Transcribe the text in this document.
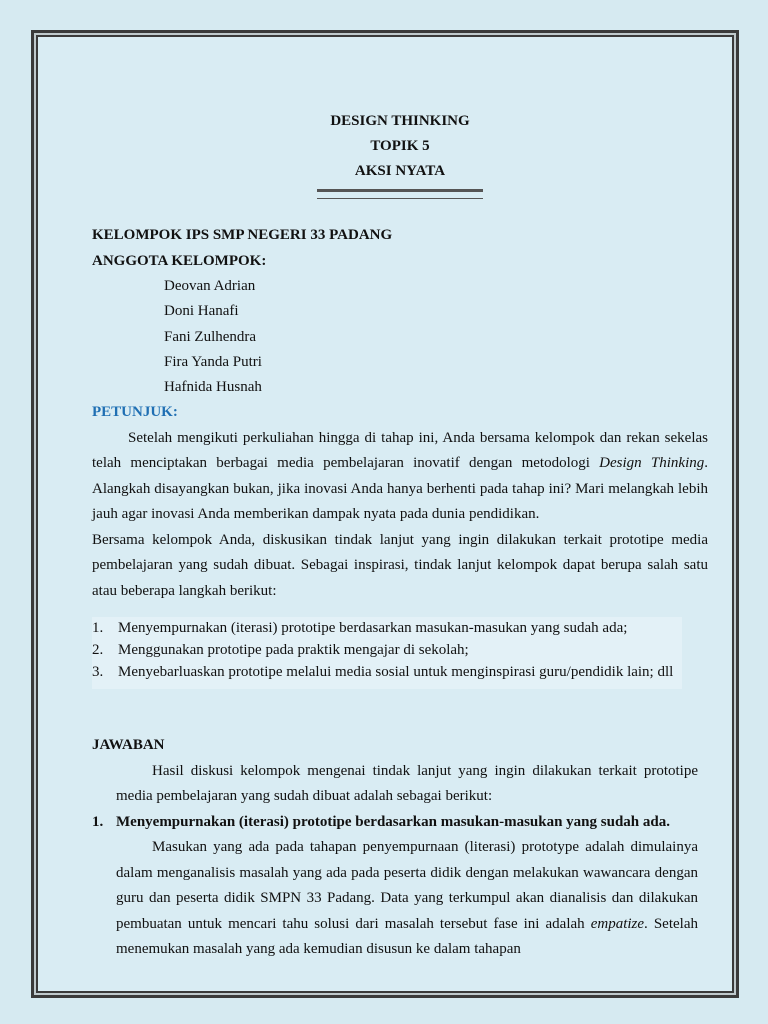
DESIGN THINKING
TOPIK 5
AKSI NYATA
KELOMPOK IPS SMP NEGERI 33 PADANG
ANGGOTA KELOMPOK:
Deovan Adrian
Doni Hanafi
Fani Zulhendra
Fira Yanda Putri
Hafnida Husnah
PETUNJUK:
Setelah mengikuti perkuliahan hingga di tahap ini, Anda bersama kelompok dan rekan sekelas telah menciptakan berbagai media pembelajaran inovatif dengan metodologi Design Thinking. Alangkah disayangkan bukan, jika inovasi Anda hanya berhenti pada tahap ini? Mari melangkah lebih jauh agar inovasi Anda memberikan dampak nyata pada dunia pendidikan.
Bersama kelompok Anda, diskusikan tindak lanjut yang ingin dilakukan terkait prototipe media pembelajaran yang sudah dibuat. Sebagai inspirasi, tindak lanjut kelompok dapat berupa salah satu atau beberapa langkah berikut:
1. Menyempurnakan (iterasi) prototipe berdasarkan masukan-masukan yang sudah ada;
2. Menggunakan prototipe pada praktik mengajar di sekolah;
3. Menyebarluaskan prototipe melalui media sosial untuk menginspirasi guru/pendidik lain; dll
JAWABAN
Hasil diskusi kelompok mengenai tindak lanjut yang ingin dilakukan terkait prototipe media pembelajaran yang sudah dibuat adalah sebagai berikut:
1. Menyempurnakan (iterasi) prototipe berdasarkan masukan-masukan yang sudah ada.
Masukan yang ada pada tahapan penyempurnaan (literasi) prototype adalah dimulainya dalam menganalisis masalah yang ada pada peserta didik dengan melakukan wawancara dengan guru dan peserta didik SMPN 33 Padang. Data yang terkumpul akan dianalisis dan dilakukan pembuatan untuk mencari tahu solusi dari masalah tersebut fase ini adalah empatize. Setelah menemukan masalah yang ada kemudian disusun ke dalam tahapan
